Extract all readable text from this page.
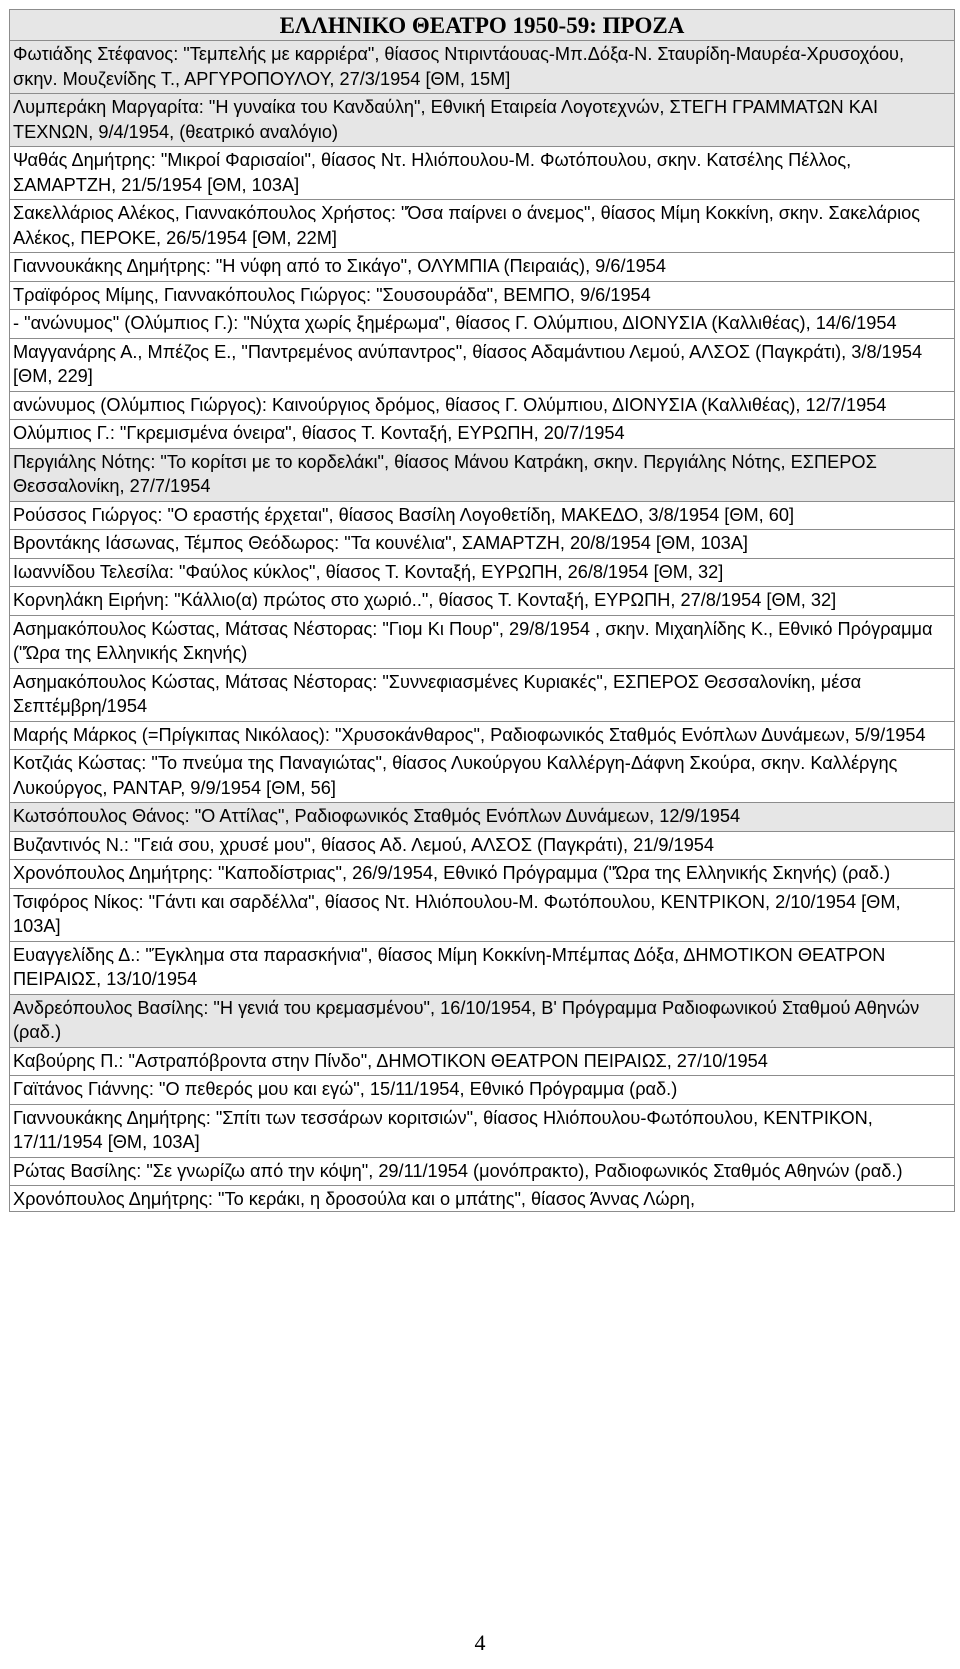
ΕΛΛΗΝΙΚΟ ΘΕΑΤΡΟ 1950-59: ΠΡΟΖΑ
Φωτιάδης Στέφανος: "Τεμπελής με καρριέρα", θίασος Ντιριντάουας-Μπ.Δόξα-Ν. Σταυρίδη-Μαυρέα-Χρυσοχόου, σκην. Μουζενίδης Τ., ΑΡΓΥΡΟΠΟΥΛΟΥ, 27/3/1954 [ΘΜ, 15Μ]
Λυμπεράκη Μαργαρίτα: "Η γυναίκα του Κανδαύλη", Εθνική Εταιρεία Λογοτεχνών, ΣΤΕΓΗ ΓΡΑΜΜΑΤΩΝ ΚΑΙ ΤΕΧΝΩΝ, 9/4/1954, (θεατρικό αναλόγιο)
Ψαθάς Δημήτρης: "Μικροί Φαρισαίοι", θίασος Ντ. Ηλιόπουλου-Μ. Φωτόπουλου, σκην. Κατσέλης Πέλλος, ΣΑΜΑΡΤΖΗ, 21/5/1954 [ΘΜ, 103Α]
Σακελλάριος Αλέκος, Γιαννακόπουλος Χρήστος: "Όσα παίρνει ο άνεμος", θίασος Μίμη Κοκκίνη, σκην. Σακελάριος Αλέκος, ΠΕΡΟΚΕ, 26/5/1954 [ΘΜ, 22Μ]
Γιαννουκάκης Δημήτρης: "Η νύφη από το Σικάγο", ΟΛΥΜΠΙΑ (Πειραιάς), 9/6/1954
Τραϊφόρος Μίμης, Γιαννακόπουλος Γιώργος: "Σουσουράδα", ΒΕΜΠΟ, 9/6/1954
- "ανώνυμος" (Ολύμπιος Γ.): "Νύχτα χωρίς ξημέρωμα", θίασος Γ. Ολύμπιου, ΔΙΟΝΥΣΙΑ (Καλλιθέας), 14/6/1954
Μαγγανάρης Α., Μπέζος Ε., "Παντρεμένος ανύπαντρος", θίασος Αδαμάντιου Λεμού, ΑΛΣΟΣ (Παγκράτι), 3/8/1954 [ΘΜ, 229]
ανώνυμος (Ολύμπιος Γιώργος): Καινούργιος δρόμος, θίασος Γ. Ολύμπιου, ΔΙΟΝΥΣΙΑ (Καλλιθέας), 12/7/1954
Ολύμπιος Γ.: "Γκρεμισμένα όνειρα", θίασος Τ. Κονταξή, ΕΥΡΩΠΗ, 20/7/1954
Περγιάλης Νότης: "Το κορίτσι με το κορδελάκι", θίασος Μάνου Κατράκη, σκην. Περγιάλης Νότης, ΕΣΠΕΡΟΣ Θεσσαλονίκη, 27/7/1954
Ρούσσος Γιώργος: "Ο εραστής έρχεται", θίασος Βασίλη Λογοθετίδη, ΜΑΚΕΔΟ, 3/8/1954 [ΘΜ, 60]
Βροντάκης Ιάσωνας, Τέμπος Θεόδωρος: "Τα κουνέλια", ΣΑΜΑΡΤΖΗ, 20/8/1954 [ΘΜ, 103Α]
Ιωαννίδου Τελεσίλα: "Φαύλος κύκλος", θίασος Τ. Κονταξή, ΕΥΡΩΠΗ, 26/8/1954 [ΘΜ, 32]
Κορνηλάκη Ειρήνη: "Κάλλιο(α) πρώτος στο χωριό..", θίασος Τ. Κονταξή, ΕΥΡΩΠΗ, 27/8/1954 [ΘΜ, 32]
Ασημακόπουλος Κώστας, Μάτσας Νέστορας: "Γιομ Κι Πουρ", 29/8/1954 , σκην. Μιχαηλίδης Κ., Εθνικό Πρόγραμμα ("Ώρα της Ελληνικής Σκηνής)
Ασημακόπουλος Κώστας, Μάτσας Νέστορας: "Συννεφιασμένες Κυριακές", ΕΣΠΕΡΟΣ Θεσσαλονίκη, μέσα Σεπτέμβρη/1954
Μαρής Μάρκος (=Πρίγκιπας Νικόλαος): "Χρυσοκάνθαρος", Ραδιοφωνικός Σταθμός Ενόπλων Δυνάμεων, 5/9/1954
Κοτζιάς Κώστας: "Το πνεύμα της Παναγιώτας", θίασος Λυκούργου Καλλέργη-Δάφνη Σκούρα, σκην. Καλλέργης Λυκούργος, ΡΑΝΤΑΡ, 9/9/1954 [ΘΜ, 56]
Κωτσόπουλος Θάνος: "Ο Αττίλας", Ραδιοφωνικός Σταθμός Ενόπλων Δυνάμεων, 12/9/1954
Βυζαντινός Ν.: "Γειά σου, χρυσέ μου", θίασος Αδ. Λεμού, ΑΛΣΟΣ (Παγκράτι), 21/9/1954
Χρονόπουλος Δημήτρης: "Καποδίστριας", 26/9/1954, Εθνικό Πρόγραμμα ("Ώρα της Ελληνικής Σκηνής) (ραδ.)
Τσιφόρος Νίκος: "Γάντι και σαρδέλλα", θίασος Ντ. Ηλιόπουλου-Μ. Φωτόπουλου, ΚΕΝΤΡΙΚΟΝ, 2/10/1954 [ΘΜ, 103Α]
Ευαγγελίδης Δ.: "Έγκλημα στα παρασκήνια", θίασος Μίμη Κοκκίνη-Μπέμπας Δόξα, ΔΗΜΟΤΙΚΟΝ ΘΕΑΤΡΟΝ ΠΕΙΡΑΙΩΣ, 13/10/1954
Ανδρεόπουλος Βασίλης: "Η γενιά του κρεμασμένου", 16/10/1954, Β' Πρόγραμμα Ραδιοφωνικού Σταθμού Αθηνών (ραδ.)
Καβούρης Π.: "Αστραπόβροντα στην Πίνδο", ΔΗΜΟΤΙΚΟΝ ΘΕΑΤΡΟΝ ΠΕΙΡΑΙΩΣ, 27/10/1954
Γαϊτάνος Γιάννης: "Ο πεθερός μου και εγώ", 15/11/1954, Εθνικό Πρόγραμμα (ραδ.)
Γιαννουκάκης Δημήτρης: "Σπίτι των τεσσάρων κοριτσιών", θίασος Ηλιόπουλου-Φωτόπουλου, ΚΕΝΤΡΙΚΟΝ, 17/11/1954 [ΘΜ, 103Α]
Ρώτας Βασίλης: "Σε γνωρίζω από την κόψη", 29/11/1954 (μονόπρακτο), Ραδιοφωνικός Σταθμός Αθηνών (ραδ.)

Χρονόπουλος Δημήτρης: "Το κεράκι, η δροσούλα και ο μπάτης", θίασος Άννας Λώρη,
4
